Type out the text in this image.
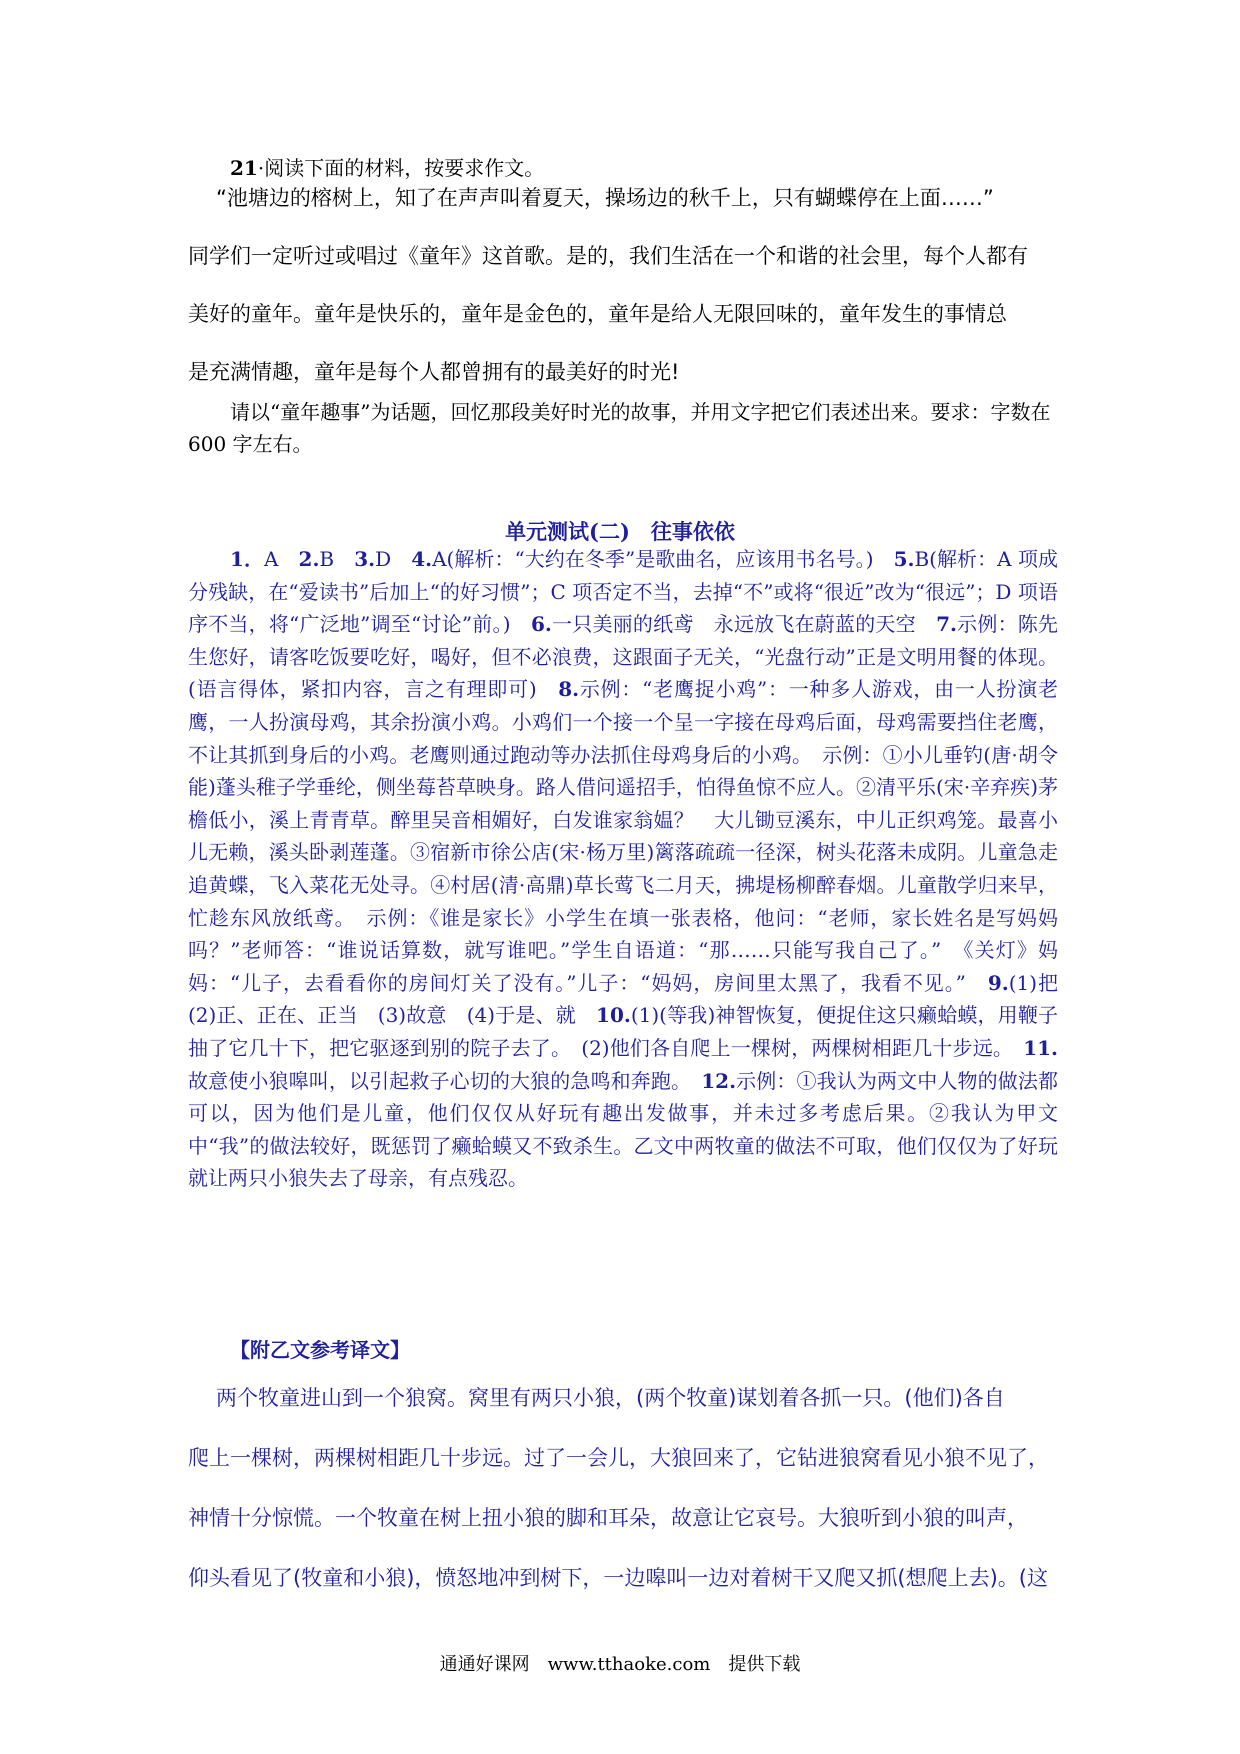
21·阅读下面的材料，按要求作文。
“池塘边的榕树上，知了在声声叫着夏天，操场边的秋千上，只有蝴蝶停在上面……”
同学们一定听过或唱过《童年》这首歌。是的，我们生活在一个和谐的社会里，每个人都有
美好的童年。童年是快乐的，童年是金色的，童年是给人无限回味的，童年发生的事情总
是充满情趣，童年是每个人都曾拥有的最美好的时光!
请以“童年趣事”为话题，回忆那段美好时光的故事，并用文字把它们表述出来。要求：字数在 600 字左右。
单元测试(二)　往事依依
1．A　2.B　3.D　4.A(解析：“大约在冬季”是歌曲名，应该用书名号。)　5.B(解析：A 项成分残缺，在“爱读书”后加上“的好习惯”；C 项否定不当，去掉“不”或将“很近”改为“很远”；D 项语序不当，将“广泛地”调至“讨论”前。)　6.一只美丽的纸鸢　永远放飞在蔚蓝的天空　7.示例：陈先生您好，请客吃饭要吃好，喝好，但不必浪费，这跟面子无关，“光盘行动”正是文明用餐的体现。(语言得体，紧扣内容，言之有理即可)　8.示例：“老鹰捉小鸡”：一种多人游戏，由一人扮演老鹰，一人扮演母鸡，其余扮演小鸡。小鸡们一个接一个呈一字接在母鸡后面，母鸡需要挡住老鹰，不让其抓到身后的小鸡。老鹰则通过跑动等办法抓住母鸡身后的小鸡。　示例：①小儿垂钓(唐·胡令能)蓬头稚子学垂纶，侧坐莓苔草映身。路人借问遥招手，怕得鱼惊不应人。②清平乐(宋·辛弃疾)茅檐低小，溪上青青草。醉里吴音相媚好，白发谁家翁媪？　大儿锄豆溪东，中儿正织鸡笼。最喜小儿无赖，溪头卧剥莲蓬。③宿新市徐公店(宋·杨万里)篱落疏疏一径深，树头花落未成阴。儿童急走追黄蝶，飞入菜花无处寻。④村居(清·高鼎)草长莺飞二月天，拂堤杨柳醉春烟。儿童散学归来早，忙趁东风放纸鸢。　示例：《谁是家长》小学生在填一张表格，他问：“老师，家长姓名是写妈妈吗？”老师答：“谁说话算数，就写谁吧。”学生自语道：“那……只能写我自己了。”　《关灯》妈妈：“儿子，去看看你的房间灯关了没有。”儿子：“妈妈，房间里太黑了，我看不见。”　9.(1)把　(2)正、正在、正当　(3)故意　(4)于是、就　10.(1)(等我)神智恢复，便捉住这只癞蛤蟆，用鞭子抽了它几十下，把它驱逐到别的院子去了。　(2)他们各自爬上一棵树，两棵树相距几十步远。　11.故意使小狼嗥叫，以引起救子心切的大狼的急鸣和奔跑。　12.示例：①我认为两文中人物的做法都可以，因为他们是儿童，他们仅仅从好玩有趣出发做事，并未过多考虑后果。②我认为甲文中“我”的做法较好，既惩罚了癞蛤蟆又不致杀生。乙文中两牧童的做法不可取，他们仅仅为了好玩就让两只小狼失去了母亲，有点残忍。
【附乙文参考译文】
两个牧童进山到一个狼窝。窝里有两只小狼，(两个牧童)谋划着各抓一只。(他们)各自
爬上一棵树，两棵树相距几十步远。过了一会儿，大狼回来了，它钻进狼窝看见小狼不见了，
神情十分惊慌。一个牧童在树上扭小狼的脚和耳朵，故意让它哀号。大狼听到小狼的叫声，
仰头看见了(牧童和小狼)，愤怒地冲到树下，一边嗥叫一边对着树干又爬又抓(想爬上去)。(这
通通好课网　www.tthaoke.com　提供下载
